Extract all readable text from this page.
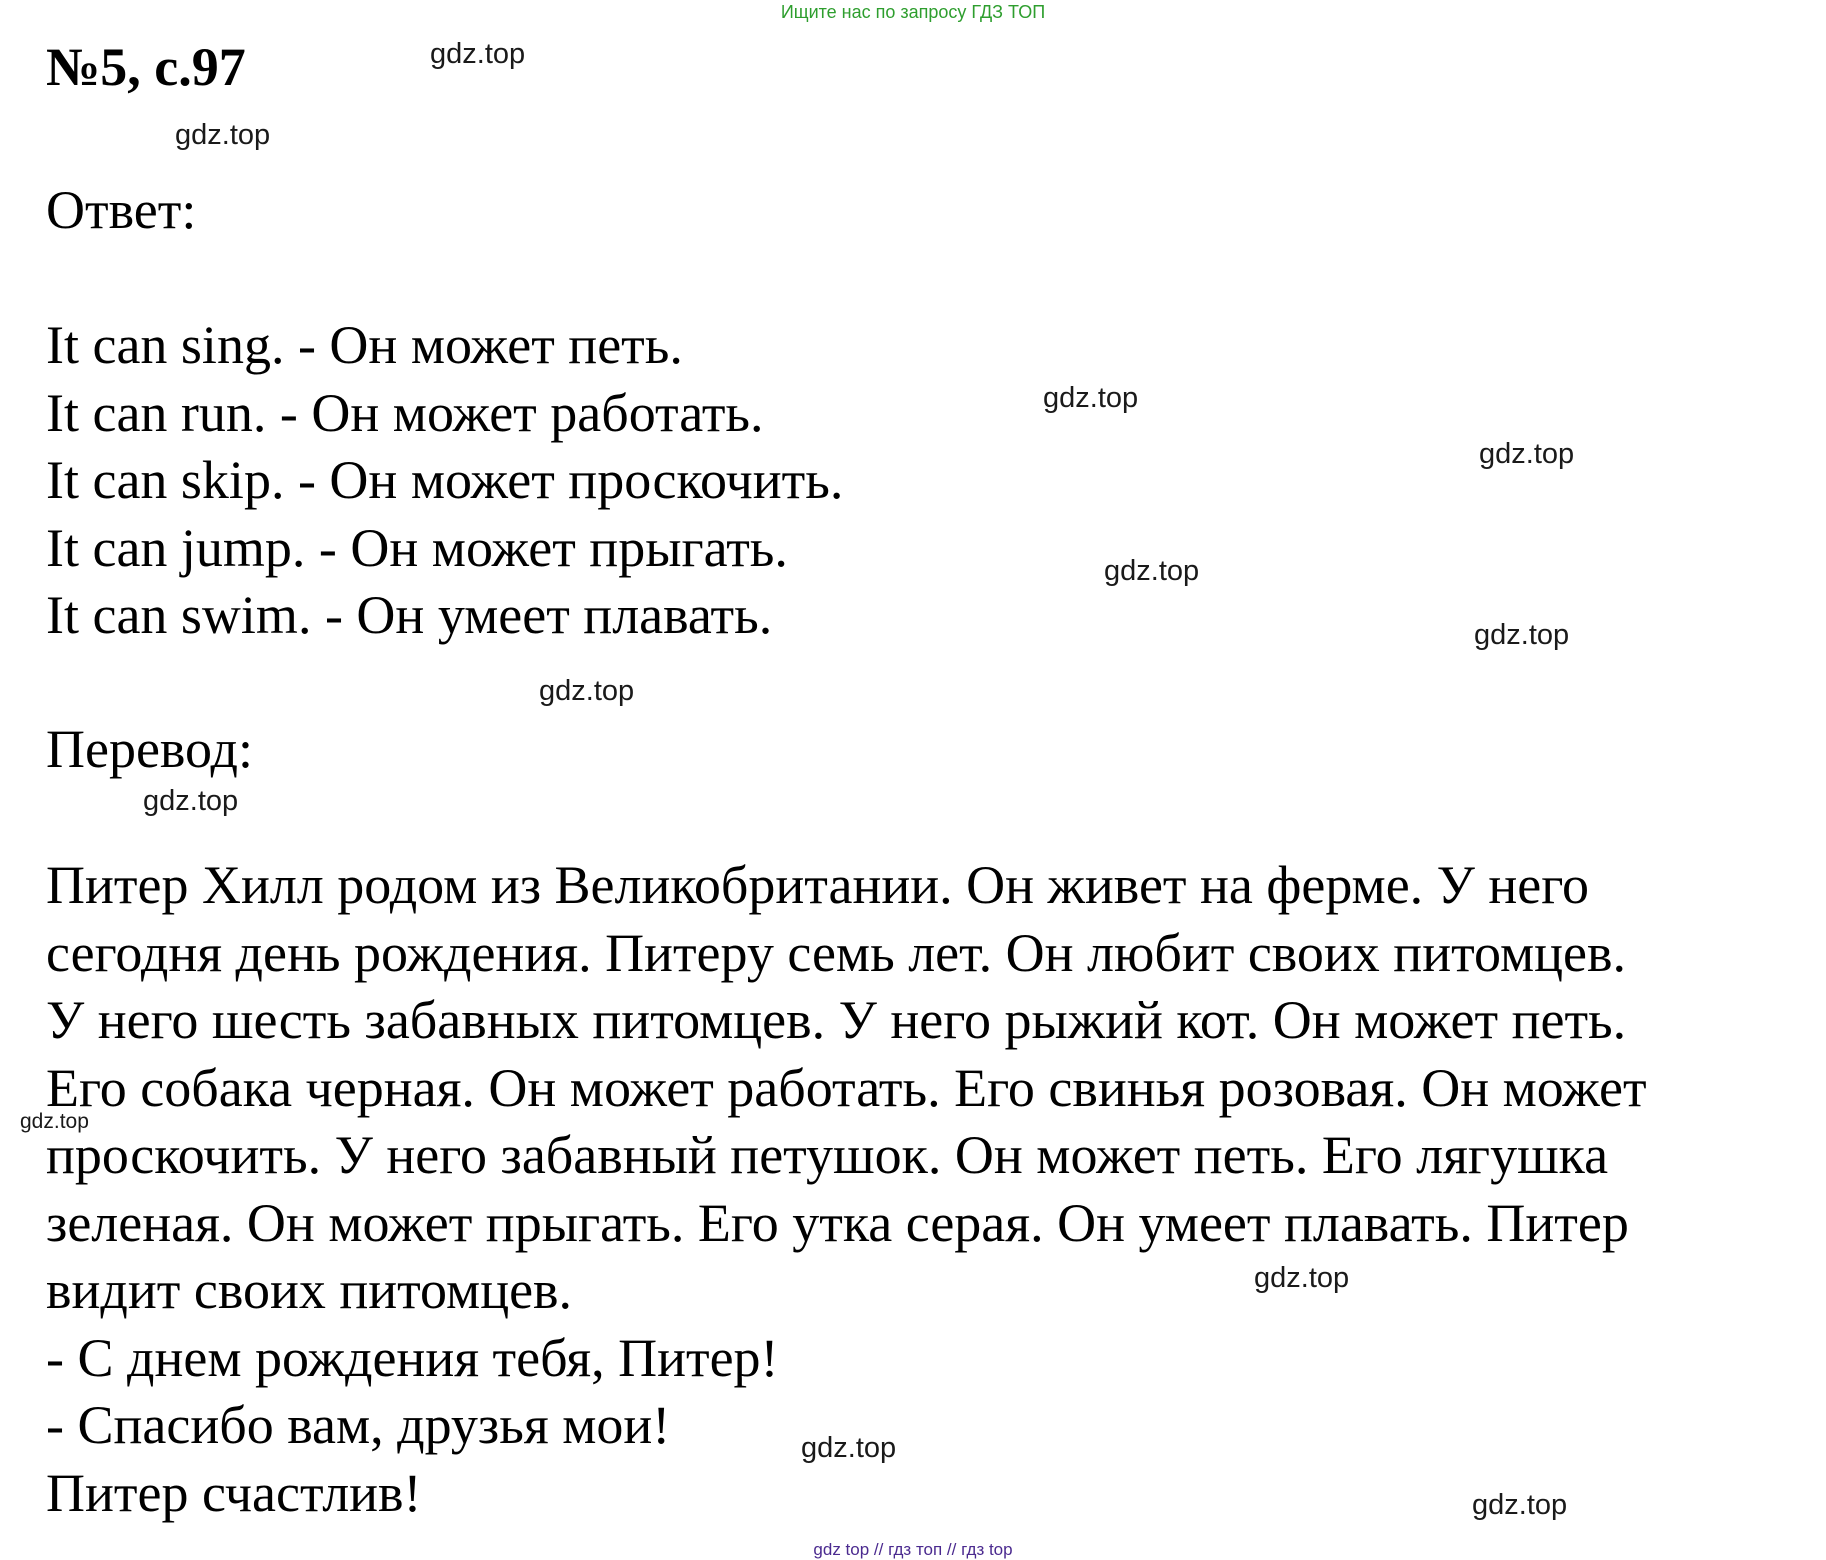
Ищите нас по запросу ГДЗ ТОП
№5, с.97
Ответ:
It can sing. - Он может петь.
It can run. - Он может работать.
It can skip. - Он может проскочить.
It can jump. - Он может прыгать.
It can swim. - Он умеет плавать.
Перевод:

Питер Хилл родом из Великобритании. Он живет на ферме. У него

сегодня день рождения. Питеру семь лет. Он любит своих питомцев.

У него шесть забавных питомцев. У него рыжий кот. Он может петь.

Его собака черная. Он может работать. Его свинья розовая. Он может

проскочить. У него забавный петушок. Он может петь. Его лягушка

зеленая. Он может прыгать. Его утка серая. Он умеет плавать. Питер

видит своих питомцев.

- С днем рождения тебя, Питер!

- Спасибо вам, друзья мои!

Питер счастлив!

gdz.top
gdz.top
gdz.top
gdz.top
gdz.top
gdz.top
gdz.top
gdz.top
gdz.top
gdz.top
gdz.top
gdz.top
gdz top // гдз топ // гдз top
